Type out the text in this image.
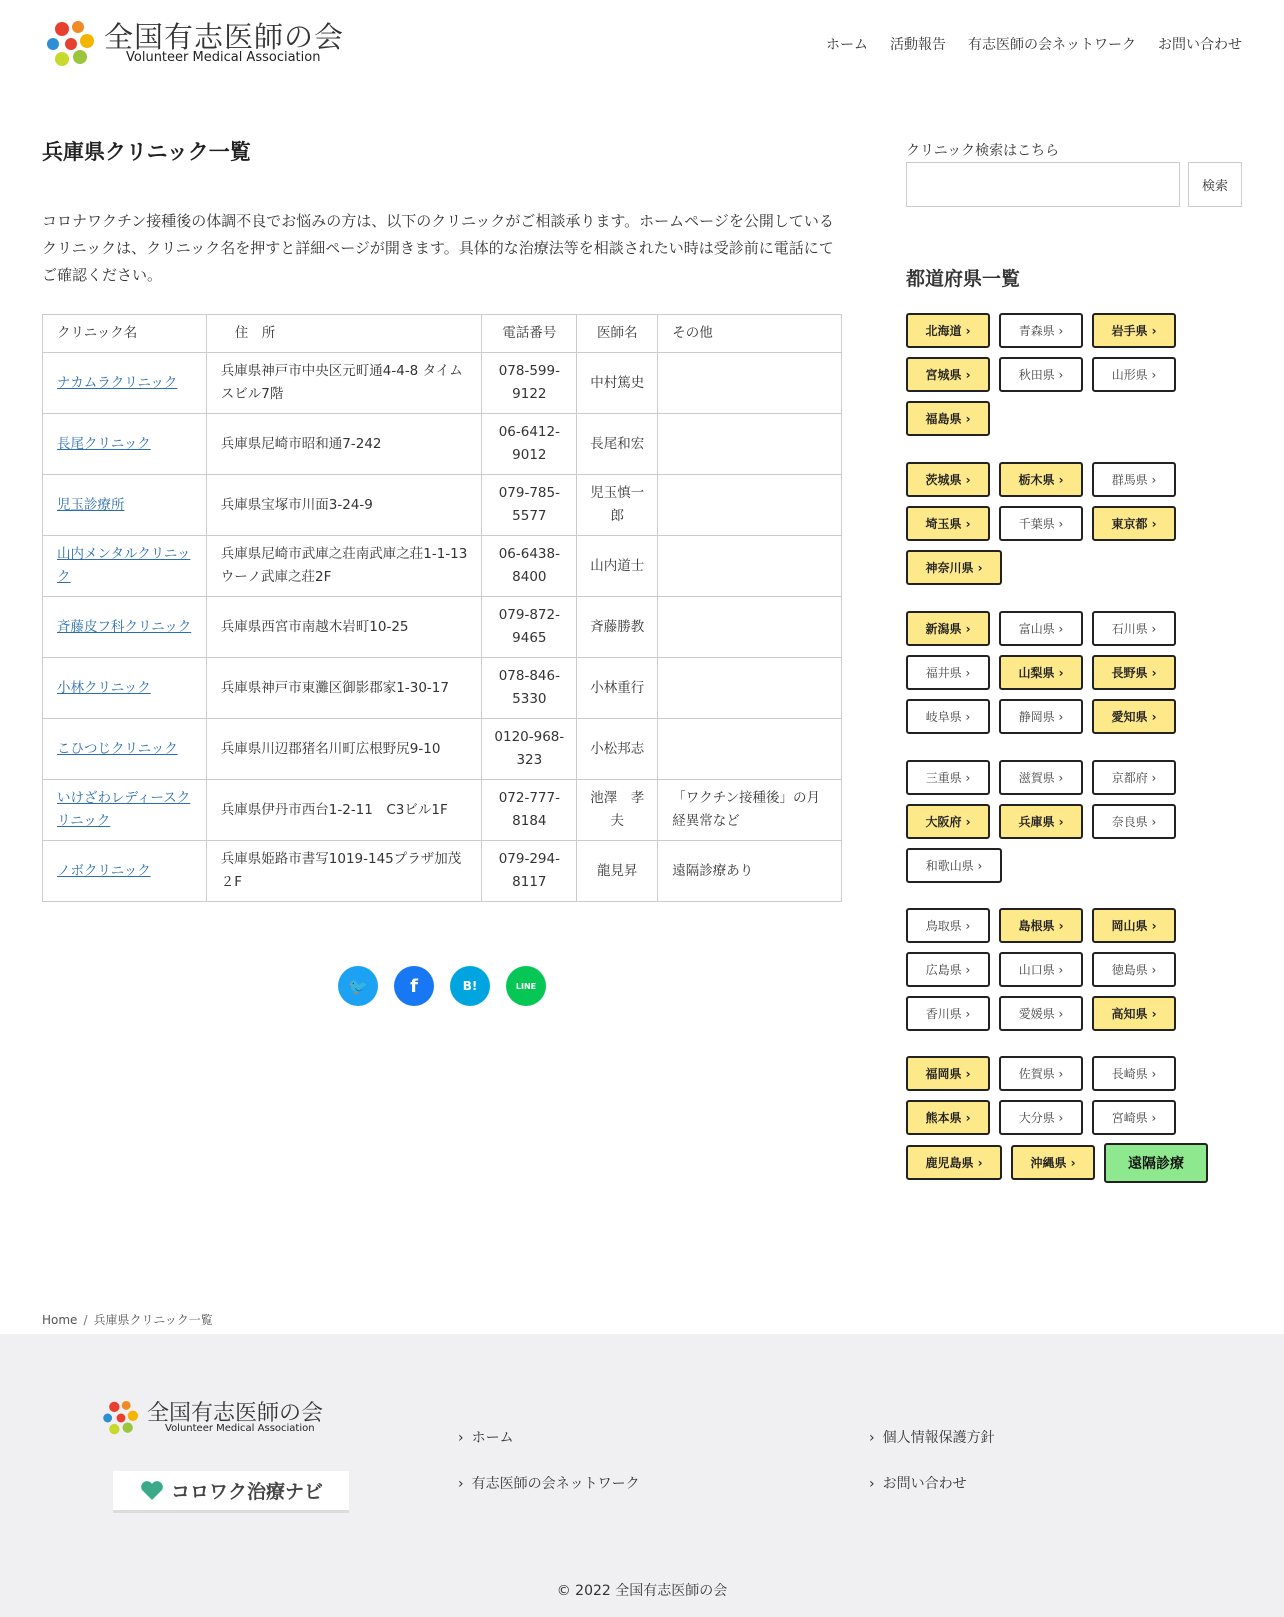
全国有志医師の会
Volunteer Medical Association
ホーム 活動報告 有志医師の会ネットワーク お問い合わせ
兵庫県クリニック一覧

コロナワクチン接種後の体調不良でお悩みの方は、以下のクリニックがご相談承ります。ホームページを公開しているクリニックは、クリニック名を押すと詳細ページが開きます。具体的な治療法等を相談されたい時は受診前に電話にてご確認ください。

クリニック名	住　所	電話番号	医師名	その他
ナカムラクリニック	兵庫県神戸市中央区元町通4-4-8 タイムスビル7階	078-599-9122	中村篤史	
長尾クリニック	兵庫県尼崎市昭和通7-242	06-6412-9012	長尾和宏	
児玉診療所	兵庫県宝塚市川面3-24-9	079-785-5577	児玉慎一郎	
山内メンタルクリニック	兵庫県尼崎市武庫之荘南武庫之荘1-1-13ウーノ武庫之荘2F	06-6438-8400	山内道士	
斉藤皮フ科クリニック	兵庫県西宮市南越木岩町10-25	079-872-9465	斉藤勝教	
小林クリニック	兵庫県神戸市東灘区御影郡家1-30-17	078-846-5330	小林重行	
こひつじクリニック	兵庫県川辺郡猪名川町広根野尻9-10	0120-968-323	小松邦志	
いけざわレディースクリニック	兵庫県伊丹市西台1-2-11　C3ビル1F	072-777-8184	池澤　孝夫	「ワクチン接種後」の月経異常など
ノボクリニック	兵庫県姫路市書写1019-145プラザ加茂２F	079-294-8117	龍見昇	遠隔診療あり
🐦 f	B!	LINE
クリニック検索はこちら
検索
都道府県一覧
北海道 ›	青森県 ›	岩手県 ›
宮城県 ›	秋田県 ›	山形県 ›
福島県 ›
茨城県 ›	栃木県 ›	群馬県 ›
埼玉県 ›	千葉県 ›	東京都 ›
神奈川県 ›
新潟県 ›	富山県 ›	石川県 ›
福井県 ›	山梨県 ›	長野県 ›
岐阜県 ›	静岡県 ›	愛知県 ›
三重県 ›	滋賀県 ›	京都府 ›
大阪府 ›	兵庫県 ›	奈良県 ›
和歌山県 ›
鳥取県 ›	島根県 ›	岡山県 ›
広島県 ›	山口県 ›	徳島県 ›
香川県 ›	愛媛県 ›	高知県 ›
福岡県 ›	佐賀県 ›	長崎県 ›
熊本県 ›	大分県 ›	宮崎県 ›
鹿児島県 ›	沖縄県 ›	遠隔診療
Home / 兵庫県クリニック一覧
全国有志医師の会
Volunteer Medical Association
コロワク治療ナビ
› ホーム	› 個人情報保護方針
› 有志医師の会ネットワーク	› お問い合わせ
© 2022 全国有志医師の会
